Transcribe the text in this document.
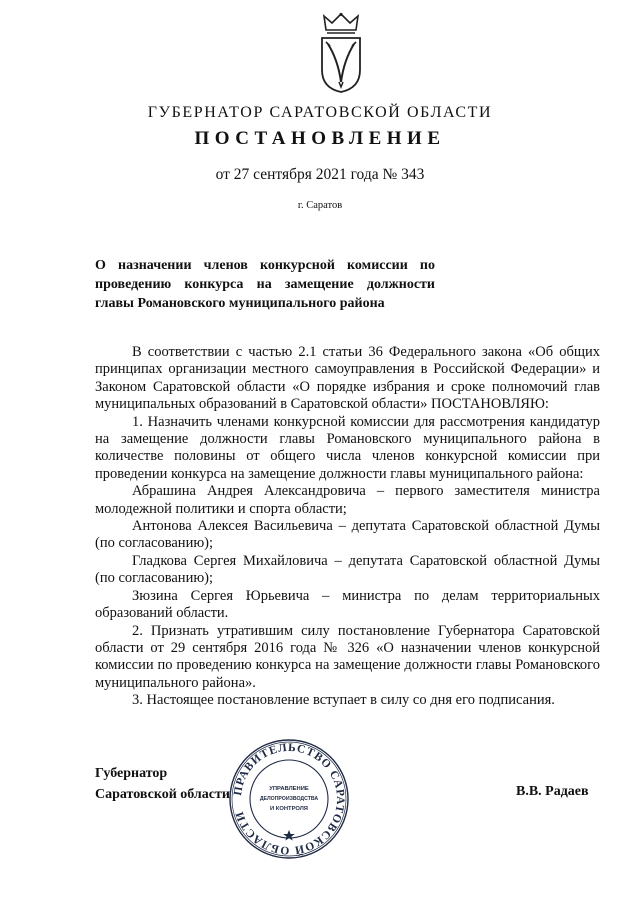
ГУБЕРНАТОР САРАТОВСКОЙ ОБЛАСТИ
ПОСТАНОВЛЕНИЕ
от 27 сентября 2021 года № 343
г. Саратов
О назначении членов конкурсной комиссии по проведению конкурса на замещение должности главы Романовского муниципального района

В соответствии с частью 2.1 статьи 36 Федерального закона «Об общих принципах организации местного самоуправления в Российской Федерации» и Законом Саратовской области «О порядке избрания и сроке полномочий глав муниципальных образований в Саратовской области» ПОСТАНОВЛЯЮ:

1. Назначить членами конкурсной комиссии для рассмотрения кандидатур на замещение должности главы Романовского муниципального района в количестве половины от общего числа членов конкурсной комиссии при проведении конкурса на замещение должности главы муниципального района:

Абрашина Андрея Александровича – первого заместителя министра молодежной политики и спорта области;

Антонова Алексея Васильевича – депутата Саратовской областной Думы (по согласованию);

Гладкова Сергея Михайловича – депутата Саратовской областной Думы (по согласованию);

Зюзина Сергея Юрьевича – министра по делам территориальных образований области.

2. Признать утратившим силу постановление Губернатора Саратовской области от 29 сентября 2016 года № 326 «О назначении членов конкурсной комиссии по проведению конкурса на замещение должности главы Романовского муниципального района».

3. Настоящее постановление вступает в силу со дня его подписания.

Губернатор
Саратовской области	В.В. Радаев
ПРАВИТЕЛЬСТВО САРАТОВСКОЙ ОБЛАСТИ
УПРАВЛЕНИЕ
ДЕЛОПРОИЗВОДСТВА
И КОНТРОЛЯ
